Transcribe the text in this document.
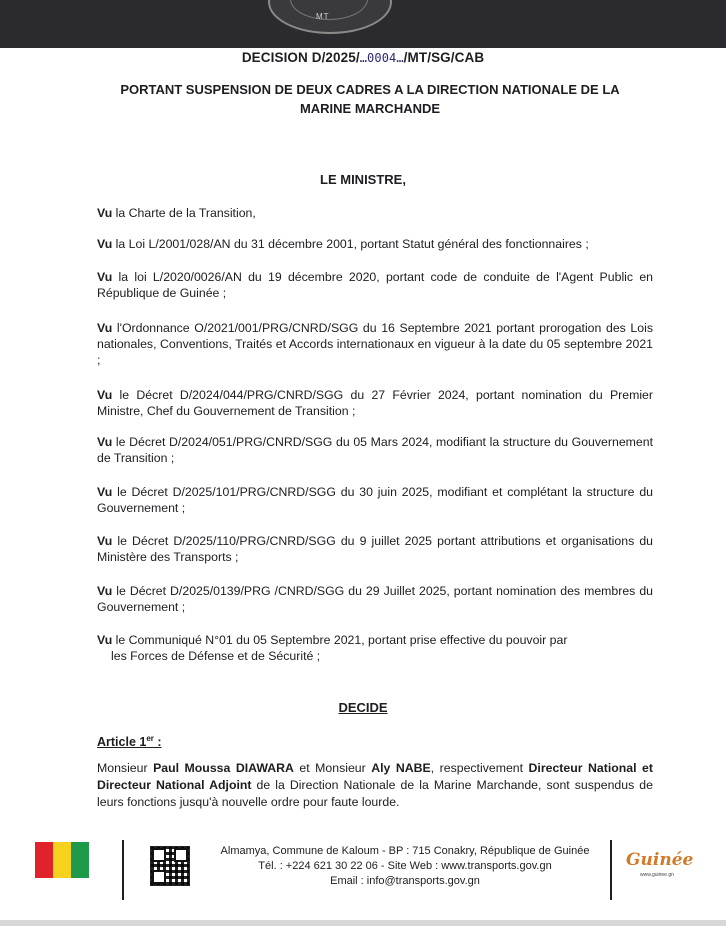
MT
DECISION D/2025/…0004…/MT/SG/CAB
PORTANT SUSPENSION DE DEUX CADRES A LA DIRECTION NATIONALE DE LA
MARINE MARCHANDE
LE MINISTRE,
Vu la Charte de la Transition,
Vu la Loi L/2001/028/AN du 31 décembre 2001, portant Statut général des fonctionnaires ;
Vu la loi L/2020/0026/AN du 19 décembre 2020, portant code de conduite de l'Agent Public en République de Guinée ;
Vu l'Ordonnance O/2021/001/PRG/CNRD/SGG du 16 Septembre 2021 portant prorogation des Lois nationales, Conventions, Traités et Accords internationaux en vigueur à la date du 05 septembre 2021 ;
Vu le Décret D/2024/044/PRG/CNRD/SGG du 27 Février 2024, portant nomination du Premier Ministre, Chef du Gouvernement de Transition ;
Vu le Décret D/2024/051/PRG/CNRD/SGG du 05 Mars 2024, modifiant la structure du Gouvernement de Transition ;
Vu le Décret D/2025/101/PRG/CNRD/SGG du 30 juin 2025, modifiant et complétant la structure du Gouvernement ;
Vu le Décret D/2025/110/PRG/CNRD/SGG du 9 juillet 2025 portant attributions et organisations du Ministère des Transports ;
Vu le Décret D/2025/0139/PRG /CNRD/SGG du 29 Juillet 2025, portant nomination des membres du Gouvernement ;
Vu le Communiqué N°01 du 05 Septembre 2021, portant prise effective du pouvoir par
les Forces de Défense et de Sécurité ;
DECIDE
Article 1er :
Monsieur Paul Moussa DIAWARA et Monsieur Aly NABE, respectivement Directeur National et Directeur National Adjoint de la Direction Nationale de la Marine Marchande, sont suspendus de leurs fonctions jusqu'à nouvelle ordre pour faute lourde.
Almamya, Commune de Kaloum - BP : 715 Conakry, République de Guinée
Tél. : +224 621 30 22 06 - Site Web : www.transports.gov.gn
Email : info@transports.gov.gn
Guinée
www.guinee.gn
